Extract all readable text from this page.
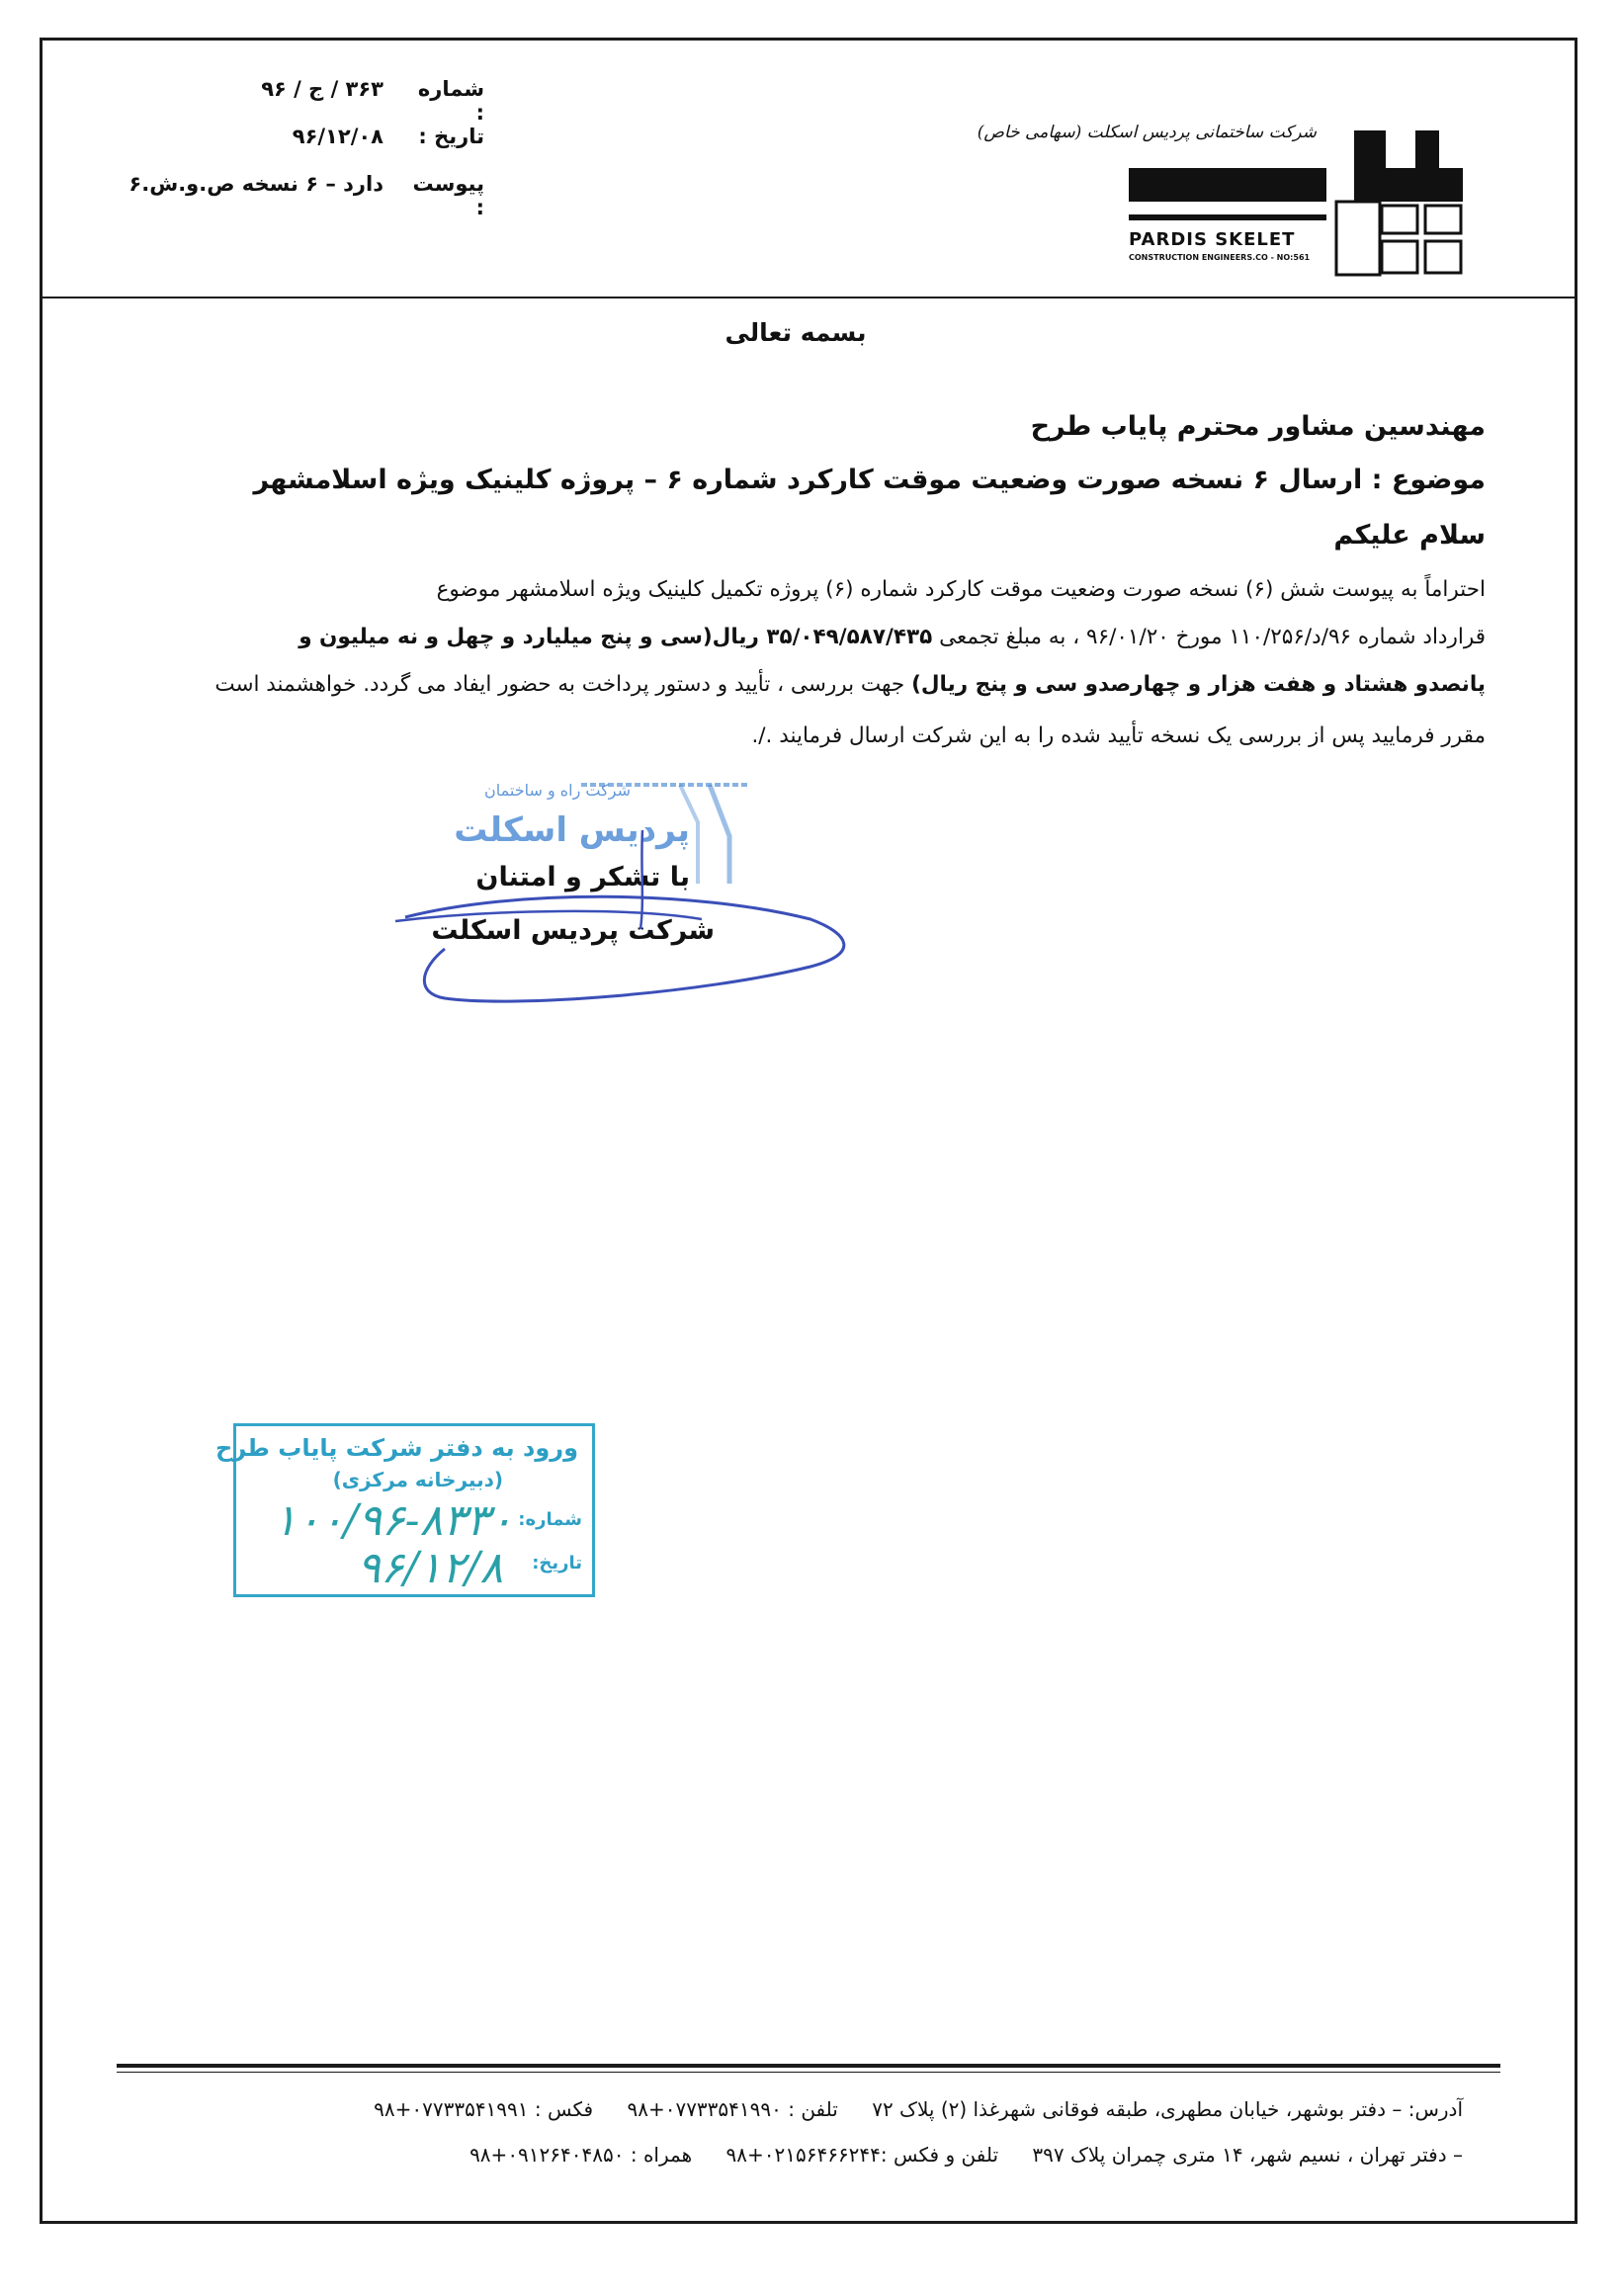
شماره :
۳۶۳ / ج / ۹۶
تاریخ :
۹۶/۱۲/۰۸
پیوست :
دارد – ۶ نسخه ص.و.ش.۶
شرکت ساختمانی پردیس اسکلت (سهامی خاص)
PARDIS SKELET
CONSTRUCTION ENGINEERS.CO - NO:561
بسمه تعالی
مهندسین مشاور محترم پایاب طرح
موضوع : ارسال ۶ نسخه صورت وضعیت موقت کارکرد شماره ۶ – پروژه کلینیک ویژه اسلامشهر
سلام علیکم
احتراماً به پیوست شش (۶) نسخه صورت وضعیت موقت کارکرد شماره (۶) پروژه تکمیل کلینیک ویژه اسلامشهر موضوع
قرارداد شماره ۹۶/د/۱۱۰/۲۵۶ مورخ ۹۶/۰۱/۲۰ ، به مبلغ تجمعی ۳۵/۰۴۹/۵۸۷/۴۳۵ ریال(سی و پنج میلیارد و چهل و نه میلیون و
پانصدو هشتاد و هفت هزار و چهارصدو سی و پنج ریال) جهت بررسی ، تأیید و دستور پرداخت به حضور ایفاد می گردد. خواهشمند است
مقرر فرمایید پس از بررسی یک نسخه تأیید شده را به این شرکت ارسال فرمایند ./.
شرکت راه و ساختمان
پردیس اسکلت
با تشکر و امتنان
شرکت پردیس اسکلت
ورود به دفتر شرکت پایاب طرح
(دبیرخانه مرکزی)
شماره:
۱۰۰/۹۶-۸۳۳۰
تاریخ:
۹۶/۱۲/۸
آدرس: – دفتر بوشهر، خیابان مطهری، طبقه فوقانی شهرغذا (۲) پلاک ۷۲ تلفن : ۰۷۷۳۳۵۴۱۹۹۰+۹۸ فکس : ۰۷۷۳۳۵۴۱۹۹۱+۹۸
– دفتر تهران ، نسیم شهر، ۱۴ متری چمران پلاک ۳۹۷ تلفن و فکس :۰۲۱۵۶۴۶۶۲۴۴+۹۸ همراه : ۰۹۱۲۶۴۰۴۸۵۰+۹۸
